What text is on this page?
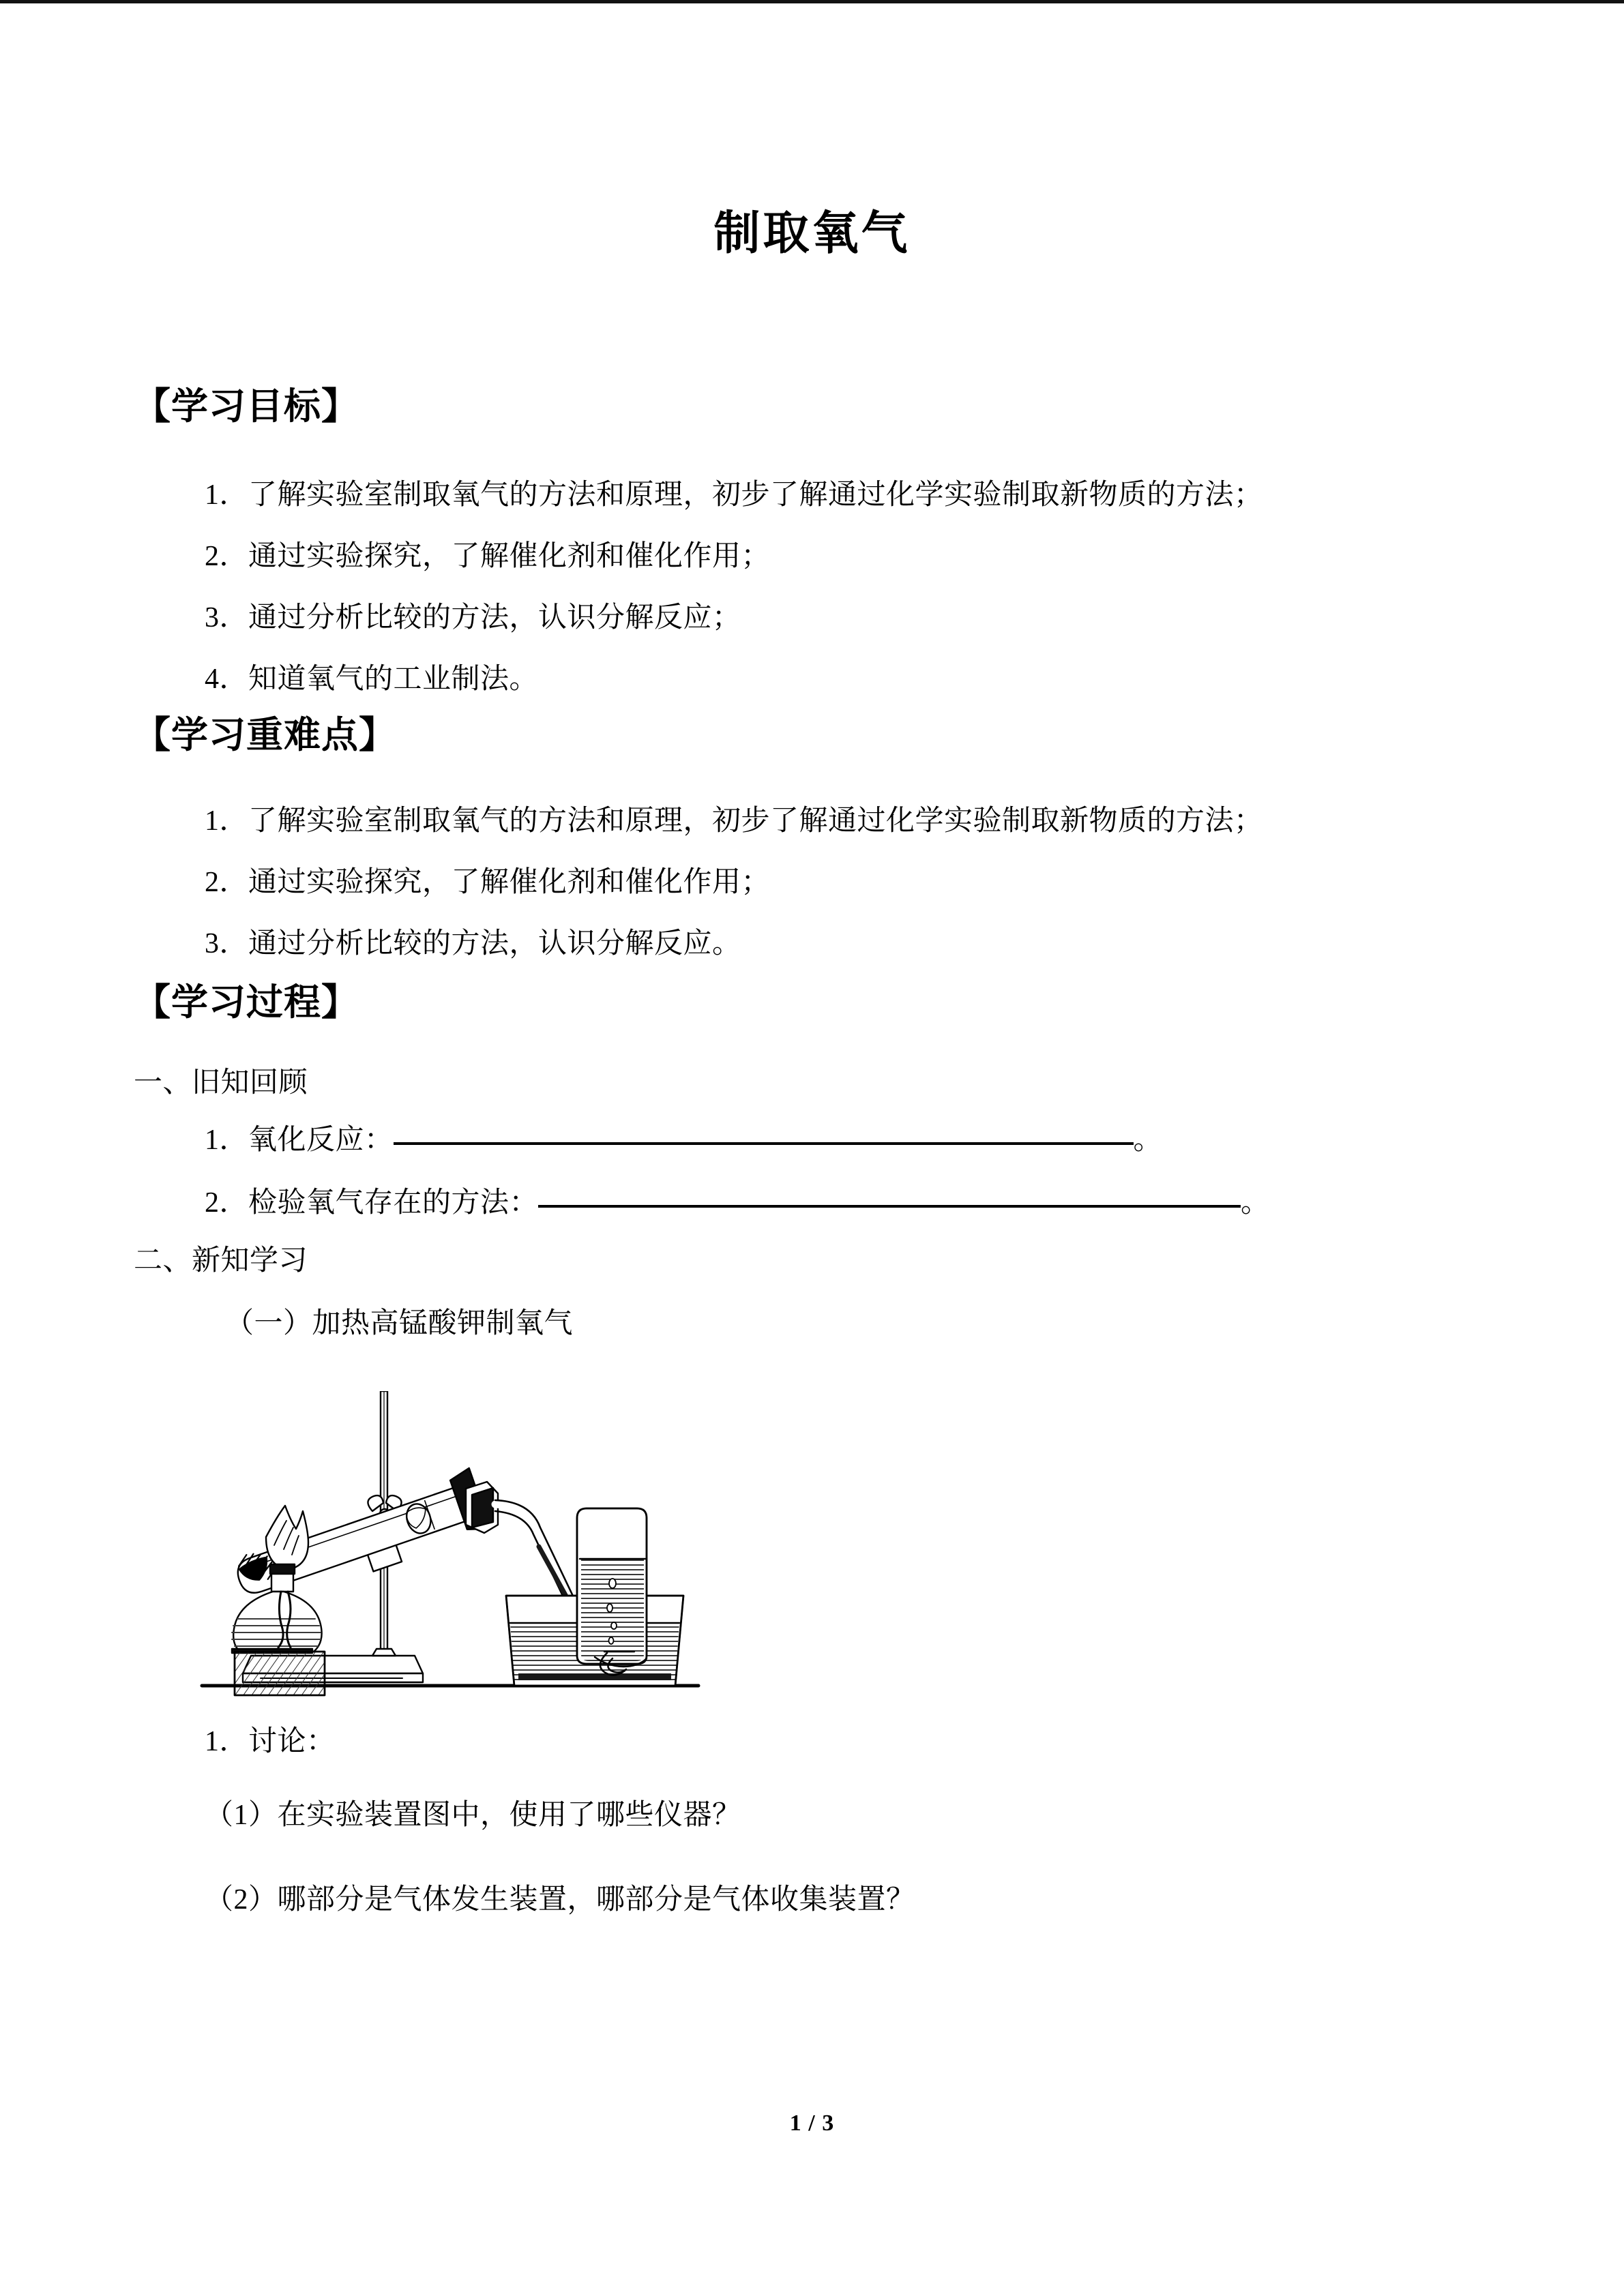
制取氧气
【学习目标】
1．了解实验室制取氧气的方法和原理，初步了解通过化学实验制取新物质的方法；
2．通过实验探究，了解催化剂和催化作用；
3．通过分析比较的方法，认识分解反应；
4．知道氧气的工业制法。
【学习重难点】
1．了解实验室制取氧气的方法和原理，初步了解通过化学实验制取新物质的方法；
2．通过实验探究，了解催化剂和催化作用；
3．通过分析比较的方法，认识分解反应。
【学习过程】
一、旧知回顾
1．氧化反应：	。
2．检验氧气存在的方法：	。
二、新知学习
（一）加热高锰酸钾制氧气
1．讨论：
（1）在实验装置图中，使用了哪些仪器？
（2）哪部分是气体发生装置，哪部分是气体收集装置？
1 / 3
